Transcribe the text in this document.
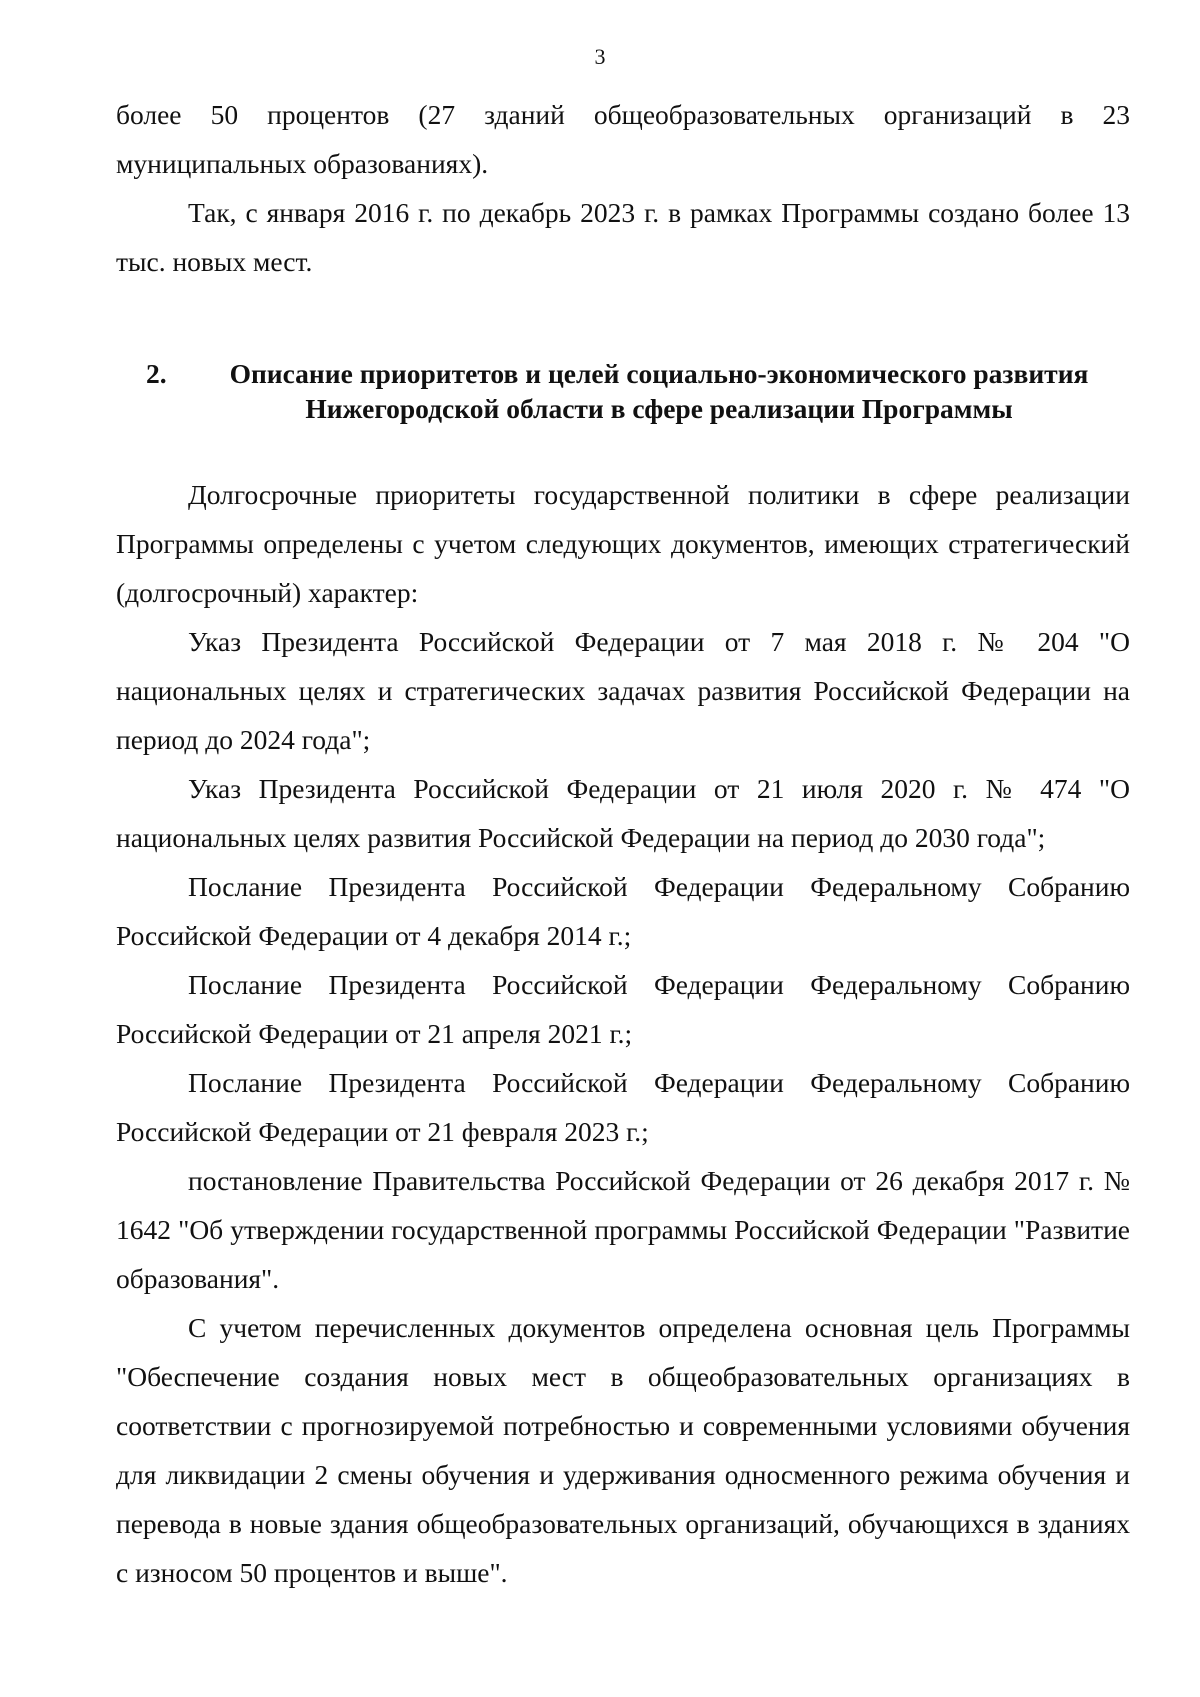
3

более 50 процентов (27 зданий общеобразовательных организаций в 23 муниципальных образованиях).

Так, с января 2016 г. по декабрь 2023 г. в рамках Программы создано более 13 тыс. новых мест.

2.	Описание приоритетов и целей социально-экономического развития
Нижегородской области в сфере реализации Программы

Долгосрочные приоритеты государственной политики в сфере реализации Программы определены с учетом следующих документов, имеющих стратегический (долгосрочный) характер:

Указ Президента Российской Федерации от 7 мая 2018 г. № 204 "О национальных целях и стратегических задачах развития Российской Федерации на период до 2024 года";

Указ Президента Российской Федерации от 21 июля 2020 г. № 474 "О национальных целях развития Российской Федерации на период до 2030 года";

Послание Президента Российской Федерации Федеральному Собранию Российской Федерации от 4 декабря 2014 г.;

Послание Президента Российской Федерации Федеральному Собранию Российской Федерации от 21 апреля 2021 г.;

Послание Президента Российской Федерации Федеральному Собранию Российской Федерации от 21 февраля 2023 г.;

постановление Правительства Российской Федерации от 26 декабря 2017 г. № 1642 "Об утверждении государственной программы Российской Федерации "Развитие образования".

С учетом перечисленных документов определена основная цель Программы "Обеспечение создания новых мест в общеобразовательных организациях в соответствии с прогнозируемой потребностью и современными условиями обучения для ликвидации 2 смены обучения и удерживания односменного режима обучения и перевода в новые здания общеобразовательных организаций, обучающихся в зданиях с износом 50 процентов и выше".
